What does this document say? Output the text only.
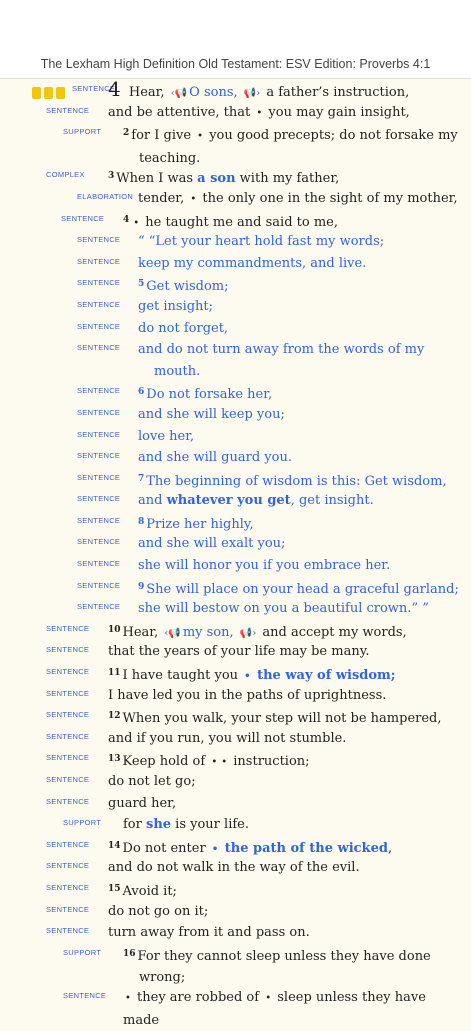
The Lexham High Definition Old Testament: ESV Edition: Proverbs 4:1
SENTENCE
4 Hear, ‹📢 O sons, 📢› a father’s instruction,
SENTENCE and be attentive, that • you may gain insight,
SUPPORT $^2$ for I give • you good precepts; do not forsake my
teaching.
COMPLEX	$^3$ When I was a son with my father,
ELABORATION tender, • the only one in the sight of my mother,
SENTENCE $^4$ • he taught me and said to me,
SENTENCE “ “Let your heart hold fast my words;
SENTENCE keep my commandments, and live.
SENTENCE $^5$ Get wisdom;
SENTENCE get insight;
SENTENCE do not forget,
SENTENCE and do not turn away from the words of my
mouth.
SENTENCE $^6$ Do not forsake her,
SENTENCE and she will keep you;
SENTENCE love her,
SENTENCE and she will guard you.
SENTENCE $^7$ The beginning of wisdom is this: Get wisdom,
SENTENCE and whatever you get, get insight.
SENTENCE $^8$ Prize her highly,
SENTENCE and she will exalt you;
SENTENCE she will honor you if you embrace her.
SENTENCE $^9$ She will place on your head a graceful garland;
SENTENCE she will bestow on you a beautiful crown.” ”
SENTENCE $^{10}$ Hear, ‹📢 my son, 📢› and accept my words,
SENTENCE that the years of your life may be many.
SENTENCE $^{11}$ I have taught you • the way of wisdom;
SENTENCE I have led you in the paths of uprightness.
SENTENCE $^{12}$ When you walk, your step will not be hampered,
SENTENCE and if you run, you will not stumble.
SENTENCE $^{13}$ Keep hold of • • instruction;
SENTENCE do not let go;
SENTENCE guard her,
SUPPORT for she is your life.
SENTENCE $^{14}$ Do not enter • the path of the wicked,
SENTENCE and do not walk in the way of the evil.
SENTENCE $^{15}$ Avoid it;
SENTENCE do not go on it;
SENTENCE turn away from it and pass on.
SUPPORT $^{16}$ For they cannot sleep unless they have done
wrong;
SENTENCE • they are robbed of • sleep unless they have made
